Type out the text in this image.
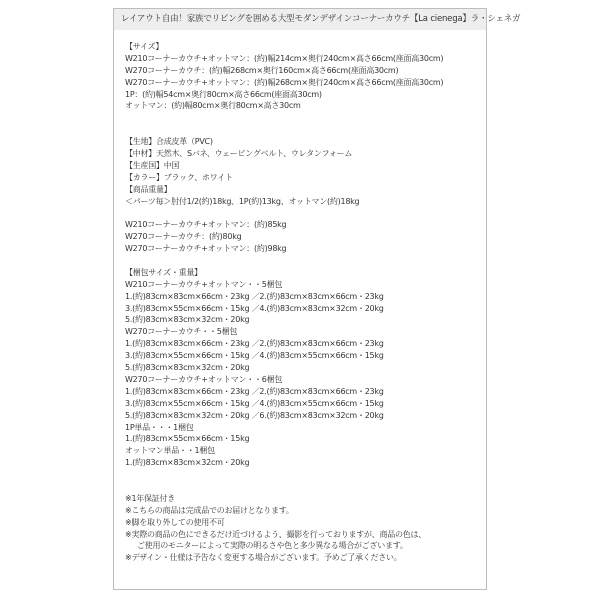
レイアウト自由！家族でリビングを囲める大型モダンデザインコーナーカウチ【La cienega】ラ・シェネガ
【サイズ】
W210コーナーカウチ+オットマン：(約)幅214cm×奥行240cm×高さ66cm(座面高30cm)
W270コーナーカウチ：(約)幅268cm×奥行160cm×高さ66cm(座面高30cm)
W270コーナーカウチ+オットマン：(約)幅268cm×奥行240cm×高さ66cm(座面高30cm)
1P：(約)幅54cm×奥行80cm×高さ66cm(座面高30cm)
オットマン：(約)幅80cm×奥行80cm×高さ30cm
【生地】合成皮革（PVC)
【中材】天然木、Sバネ、ウェービングベルト、ウレタンフォーム
【生産国】中国
【カラー】ブラック、ホワイト
【商品重量】
＜パーツ毎＞肘付1/2(約)18kg、1P(約)13kg、オットマン(約)18kg
W210コーナーカウチ+オットマン：(約)85kg
W270コーナーカウチ：(約)80kg
W270コーナーカウチ+オットマン：(約)98kg
【梱包サイズ・重量】
W210コーナーカウチ+オットマン・・5梱包
1.(約)83cm×83cm×66cm・23kg ／2.(約)83cm×83cm×66cm・23kg
3.(約)83cm×55cm×66cm・15kg ／4.(約)83cm×83cm×32cm・20kg
5.(約)83cm×83cm×32cm・20kg
W270コーナーカウチ・・5梱包
1.(約)83cm×83cm×66cm・23kg ／2.(約)83cm×83cm×66cm・23kg
3.(約)83cm×55cm×66cm・15kg ／4.(約)83cm×55cm×66cm・15kg
5.(約)83cm×83cm×32cm・20kg
W270コーナーカウチ+オットマン・・6梱包
1.(約)83cm×83cm×66cm・23kg ／2.(約)83cm×83cm×66cm・23kg
3.(約)83cm×55cm×66cm・15kg ／4.(約)83cm×55cm×66cm・15kg
5.(約)83cm×83cm×32cm・20kg ／6.(約)83cm×83cm×32cm・20kg
1P単品・・・1梱包
1.(約)83cm×55cm×66cm・15kg
オットマン単品・・1梱包
1.(約)83cm×83cm×32cm・20kg
※1年保証付き
※こちらの商品は完成品でのお届けとなります。
※脚を取り外しての使用不可
※実際の商品の色にできるだけ近づけるよう、撮影を行っておりますが、商品の色は、
ご使用のモニターによって実際の明るさや色と多少異なる場合がございます。
※デザイン・仕様は予告なく変更する場合がございます。予めご了承ください。
